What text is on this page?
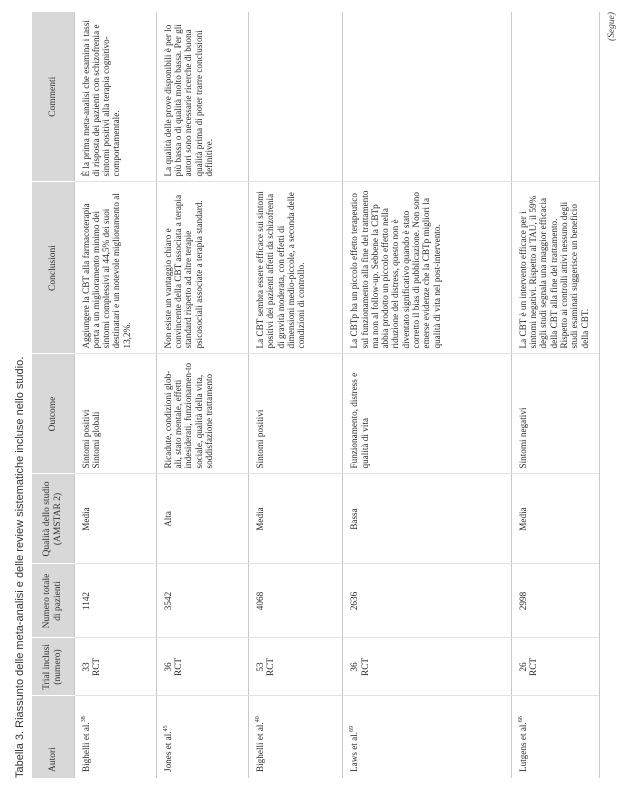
Tabella 3. Riassunto delle meta-analisi e delle review sistematiche incluse nello studio. Autori	Trial inclusi (numero)	Numero totale di pazienti	Qualità dello studio (AMSTAR 2)	Outcome	Conclusioni	Commenti
Bighelli et al.$^{38}$	33 RCT	1142	Media	Sintomi positivi Sintomi globali	Aggiungere la CBT alla farmacoterapia porta a un miglioramento minimo dei sintomi complessivi al 44,5% dei suoi destinatari e un notevole miglioramento al 13,2%.	È la prima meta-analisi che esamina i tassi di risposta dei pazienti con schizofrenia e sintomi positivi alla terapia cognitivo-comportamentale.
Jones et al.$^{45}$	36 RCT	3542	Alta	Ricadute, condizioni glob-ali, stato mentale, effetti indesiderati, funzionamen-to sociale, qualità della vita, soddisfazione trattamento	Non esiste un vantaggio chiaro e convincente della CBT associata a terapia standard rispetto ad altre terapie psicosociali associate a terapia standard.	La qualità delle prove disponibili è per lo più bassa o di qualità molto bassa. Per gli autori sono necessarie ricerche di buona qualità prima di poter trarre conclusioni definitive.
Bighelli et al.$^{40}$	53 RCT	4068	Media	Sintomi positivi	La CBT sembra essere efficace sui sintomi positivi dei pazienti affetti da schizofrenia di gravità moderata, con effetti di dimensioni medio-piccole, a seconda delle condizioni di controllo.	
Laws et al.$^{69}$	36 RCT	2636	Bassa	Funzionamento, distress e qualità di vita	La CBTp ha un piccolo effetto terapeutico sul funzionamento alla fine del trattamento ma non al follow-up. Sebbene la CBTp abbia prodotto un piccolo effetto nella riduzione del distress, questo non è diventato significativo quando è stato corretto il bias di pubblicazione. Non sono emerse evidenze che la CBTp migliori la qualità di vita nel post-intervento.	
Lutgens et al.$^{66}$	26 RCT	2998	Media	Sintomi negativi	La CBT è un intervento efficace per i sintomi negativi. Rispetto al TAU, il 59% degli studi segnala una maggior efficacia della CBT alla fine del trattamento. Rispetto ai controlli attivi nessuno degli studi esaminati suggerisce un beneficio della CBT.	
(Segue)
